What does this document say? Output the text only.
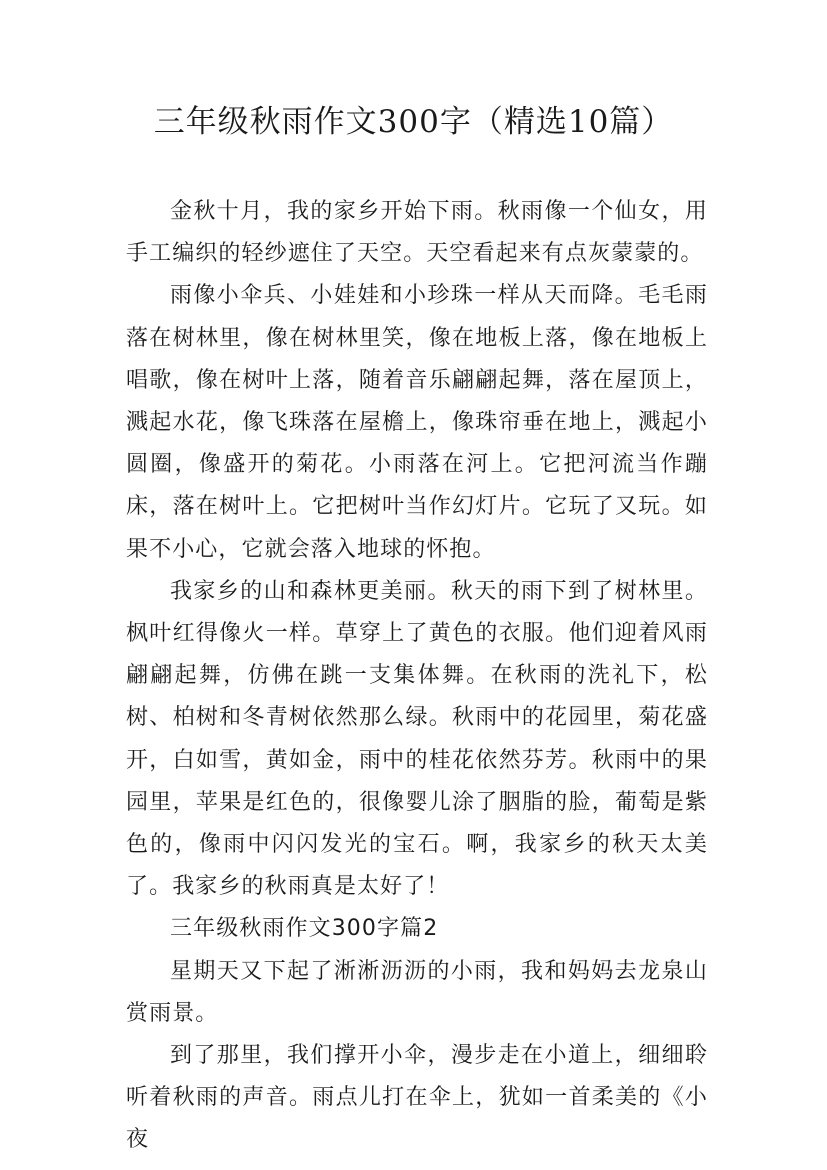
三年级秋雨作文300字（精选10篇）

金秋十月，我的家乡开始下雨。秋雨像一个仙女，用手工编织的轻纱遮住了天空。天空看起来有点灰蒙蒙的。

雨像小伞兵、小娃娃和小珍珠一样从天而降。毛毛雨落在树林里，像在树林里笑，像在地板上落，像在地板上唱歌，像在树叶上落，随着音乐翩翩起舞，落在屋顶上，溅起水花，像飞珠落在屋檐上，像珠帘垂在地上，溅起小圆圈，像盛开的菊花。小雨落在河上。它把河流当作蹦床，落在树叶上。它把树叶当作幻灯片。它玩了又玩。如果不小心，它就会落入地球的怀抱。

我家乡的山和森林更美丽。秋天的雨下到了树林里。枫叶红得像火一样。草穿上了黄色的衣服。他们迎着风雨翩翩起舞，仿佛在跳一支集体舞。在秋雨的洗礼下，松树、柏树和冬青树依然那么绿。秋雨中的花园里，菊花盛开，白如雪，黄如金，雨中的桂花依然芬芳。秋雨中的果园里，苹果是红色的，很像婴儿涂了胭脂的脸，葡萄是紫色的，像雨中闪闪发光的宝石。啊，我家乡的秋天太美了。我家乡的秋雨真是太好了！

三年级秋雨作文300字篇2

星期天又下起了淅淅沥沥的小雨，我和妈妈去龙泉山赏雨景。

到了那里，我们撑开小伞，漫步走在小道上，细细聆听着秋雨的声音。雨点儿打在伞上，犹如一首柔美的《小夜
